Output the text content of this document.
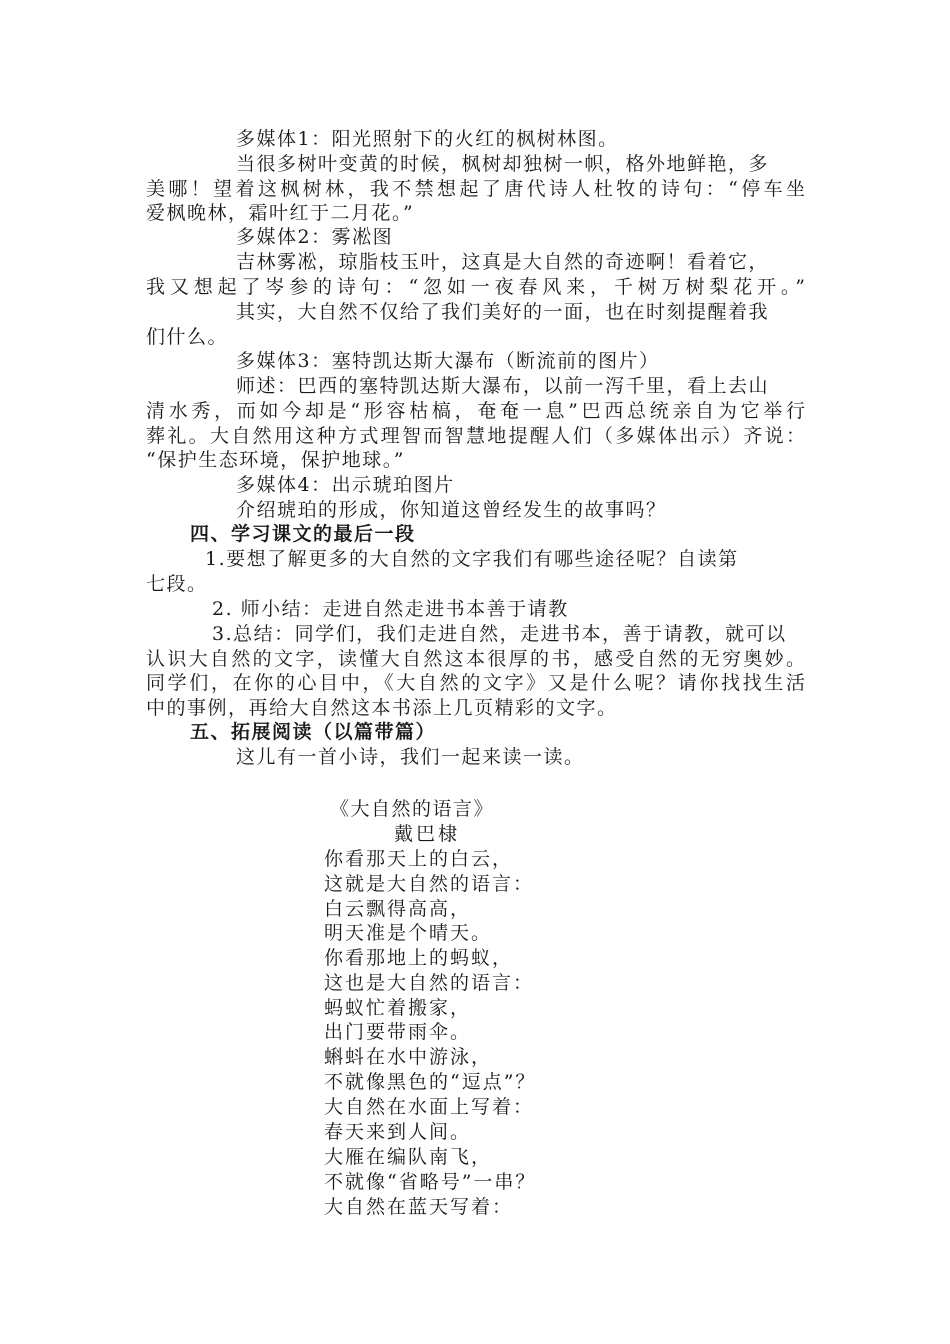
多媒体1：阳光照射下的火红的枫树林图。
当很多树叶变黄的时候，枫树却独树一帜，格外地鲜艳，多
美哪！望着这枫树林，我不禁想起了唐代诗人杜牧的诗句：“停车坐
爱枫晚林，霜叶红于二月花。”
多媒体2：雾凇图
吉林雾凇，琼脂枝玉叶，这真是大自然的奇迹啊！看着它，
我又想起了岑参的诗句：“忽如一夜春风来，千树万树梨花开。”
其实，大自然不仅给了我们美好的一面，也在时刻提醒着我
们什么。
多媒体3：塞特凯达斯大瀑布（断流前的图片）
师述：巴西的塞特凯达斯大瀑布，以前一泻千里，看上去山
清水秀，而如今却是“形容枯槁，奄奄一息”巴西总统亲自为它举行
葬礼。大自然用这种方式理智而智慧地提醒人们（多媒体出示）齐说：
“保护生态环境，保护地球。”
多媒体4：出示琥珀图片
介绍琥珀的形成，你知道这曾经发生的故事吗？
四、学习课文的最后一段
1.要想了解更多的大自然的文字我们有哪些途径呢？自读第
七段。
2. 师小结：走进自然走进书本善于请教
3.总结：同学们，我们走进自然，走进书本，善于请教，就可以
认识大自然的文字，读懂大自然这本很厚的书，感受自然的无穷奥妙。
同学们，在你的心目中，《大自然的文字》又是什么呢？请你找找生活
中的事例，再给大自然这本书添上几页精彩的文字。
五、拓展阅读（以篇带篇）
这儿有一首小诗，我们一起来读一读。
《大自然的语言》
戴巴棣
你看那天上的白云，
这就是大自然的语言：
白云飘得高高，
明天准是个晴天。
你看那地上的蚂蚁，
这也是大自然的语言：
蚂蚁忙着搬家，
出门要带雨伞。
蝌蚪在水中游泳，
不就像黑色的“逗点”？
大自然在水面上写着：
春天来到人间。
大雁在编队南飞，
不就像“省略号”一串？
大自然在蓝天写着：
